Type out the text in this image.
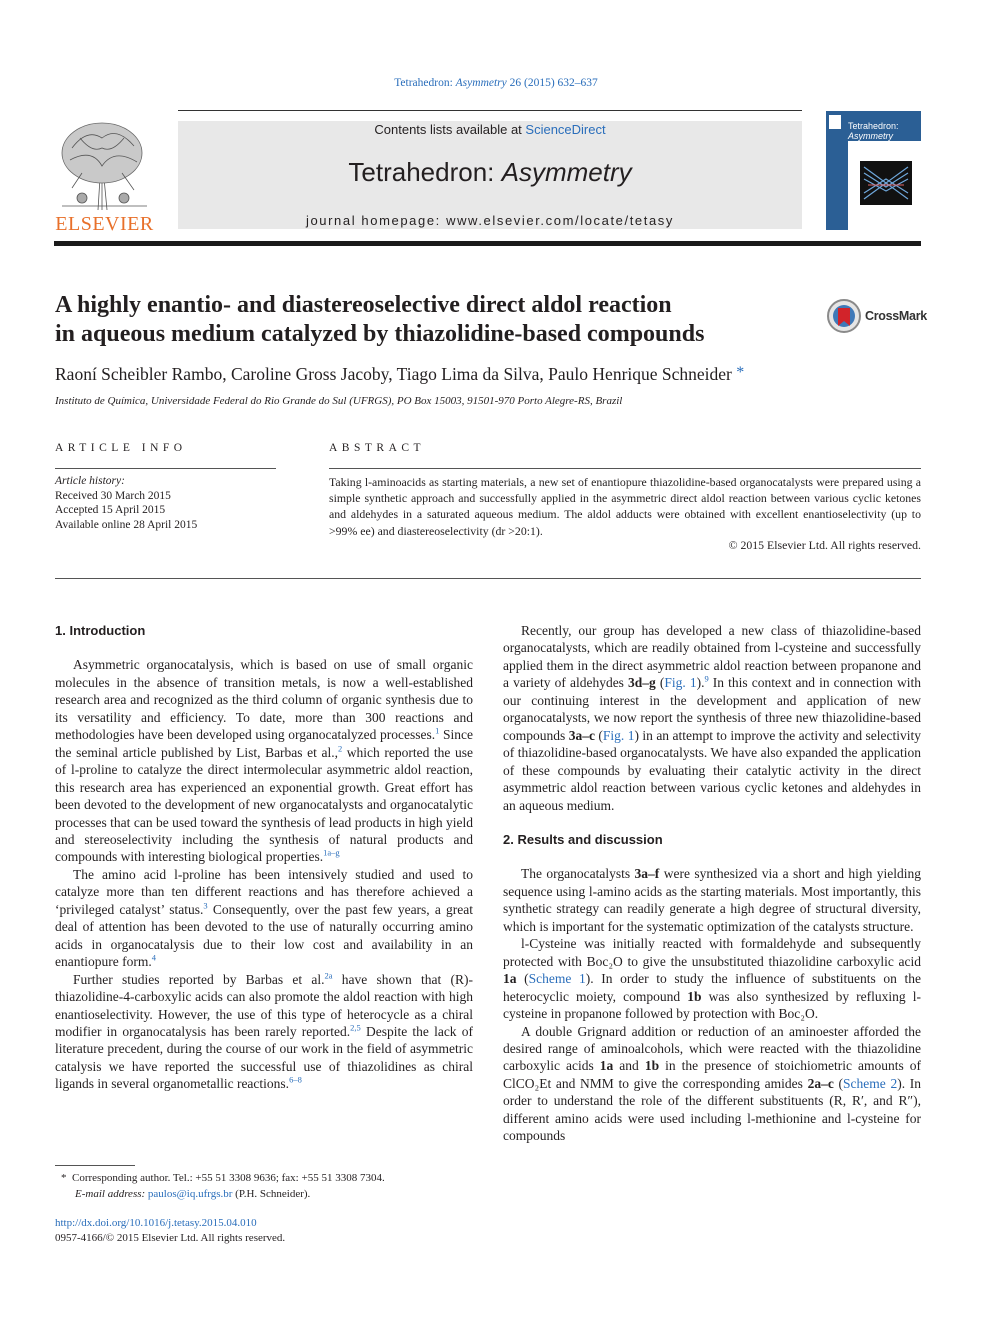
Tetrahedron: Asymmetry 26 (2015) 632–637
ELSEVIER
Contents lists available at ScienceDirect
Tetrahedron: Asymmetry
journal homepage: www.elsevier.com/locate/tetasy
Tetrahedron:
Asymmetry
A highly enantio- and diastereoselective direct aldol reaction
in aqueous medium catalyzed by thiazolidine-based compounds
CrossMark
Raoní Scheibler Rambo, Caroline Gross Jacoby, Tiago Lima da Silva, Paulo Henrique Schneider *
Instituto de Química, Universidade Federal do Rio Grande do Sul (UFRGS), PO Box 15003, 91501-970 Porto Alegre-RS, Brazil
ARTICLE INFO	ABSTRACT
Article history:
Received 30 March 2015
Accepted 15 April 2015
Available online 28 April 2015
Taking l-aminoacids as starting materials, a new set of enantiopure thiazolidine-based organocatalysts were prepared using a simple synthetic approach and successfully applied in the asymmetric direct aldol reaction between various cyclic ketones and aldehydes in a saturated aqueous medium. The aldol adducts were obtained with excellent enantioselectivity (up to >99% ee) and diastereoselectivity (dr >20:1).
© 2015 Elsevier Ltd. All rights reserved.
1. Introduction

Asymmetric organocatalysis, which is based on use of small organic molecules in the absence of transition metals, is now a well-established research area and recognized as the third column of organic synthesis due to its versatility and efficiency. To date, more than 300 reactions and methodologies have been developed using organocatalyzed processes.$^1$ Since the seminal article published by List, Barbas et al.,$^2$ which reported the use of l-proline to catalyze the direct intermolecular asymmetric aldol reaction, this research area has experienced an exponential growth. Great effort has been devoted to the development of new organocatalysts and organocatalytic processes that can be used toward the synthesis of lead products in high yield and stereoselectivity including the synthesis of natural products and compounds with interesting biological properties.$^{1a-g}$

The amino acid l-proline has been intensively studied and used to catalyze more than ten different reactions and has therefore achieved a ‘privileged catalyst’ status.$^3$ Consequently, over the past few years, a great deal of attention has been devoted to the use of naturally occurring amino acids in organocatalysis due to their low cost and availability in an enantiopure form.$^4$

Further studies reported by Barbas et al.$^{2a}$ have shown that (R)-thiazolidine-4-carboxylic acids can also promote the aldol reaction with high enantioselectivity. However, the use of this type of heterocycle as a chiral modifier in organocatalysis has been rarely reported.$^{2,5}$ Despite the lack of literature precedent, during the course of our work in the field of asymmetric catalysis we have reported the successful use of thiazolidines as chiral ligands in several organometallic reactions.$^{6-8}$

Recently, our group has developed a new class of thiazolidine-based organocatalysts, which are readily obtained from l-cysteine and successfully applied them in the direct asymmetric aldol reaction between propanone and a variety of aldehydes 3d–g (Fig. 1).$^9$ In this context and in connection with our continuing interest in the development and application of new organocatalysts, we now report the synthesis of three new thiazolidine-based compounds 3a–c (Fig. 1) in an attempt to improve the activity and selectivity of thiazolidine-based organocatalysts. We have also expanded the application of these compounds by evaluating their catalytic activity in the direct asymmetric aldol reaction between various cyclic ketones and aldehydes in an aqueous medium.

2. Results and discussion

The organocatalysts 3a–f were synthesized via a short and high yielding sequence using l-amino acids as the starting materials. Most importantly, this synthetic strategy can readily generate a high degree of structural diversity, which is important for the systematic optimization of the catalysts structure.

l-Cysteine was initially reacted with formaldehyde and subsequently protected with Boc₂O to give the unsubstituted thiazolidine carboxylic acid 1a (Scheme 1). In order to study the influence of substituents on the heterocyclic moiety, compound 1b was also synthesized by refluxing l-cysteine in propanone followed by protection with Boc₂O.

A double Grignard addition or reduction of an aminoester afforded the desired range of aminoalcohols, which were reacted with the thiazolidine carboxylic acids 1a and 1b in the presence of stoichiometric amounts of ClCO₂Et and NMM to give the corresponding amides 2a–c (Scheme 2). In order to understand the role of the different substituents (R, R′, and R″), different amino acids were used including l-methionine and l-cysteine for compounds

* Corresponding author. Tel.: +55 51 3308 9636; fax: +55 51 3308 7304.
E-mail address: paulos@iq.ufrgs.br (P.H. Schneider).
http://dx.doi.org/10.1016/j.tetasy.2015.04.010
0957-4166/© 2015 Elsevier Ltd. All rights reserved.
